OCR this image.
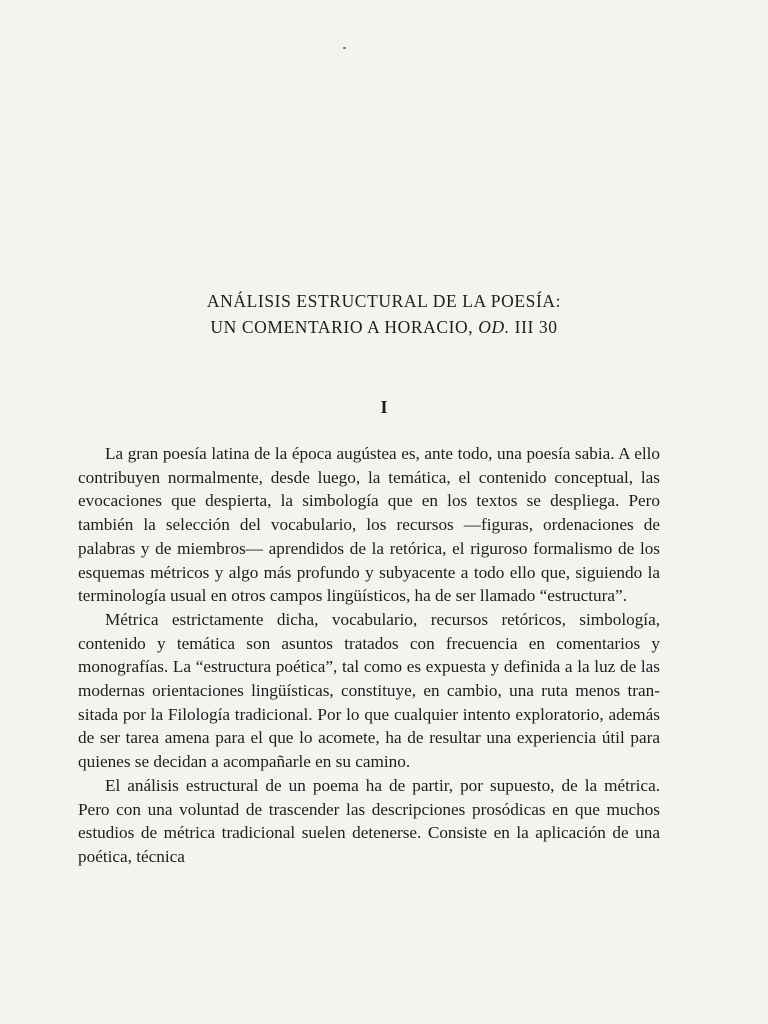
ANÁLISIS ESTRUCTURAL DE LA POESÍA:
UN COMENTARIO A HORACIO, OD. III 30
I

La gran poesía latina de la época augústea es, ante todo, una poesía sabia. A ello contribuyen normalmente, desde luego, la temática, el contenido conceptual, las evocaciones que despierta, la simbología que en los textos se despliega. Pero también la selección del vocabulario, los recursos —figuras, ordenaciones de palabras y de miembros— aprendidos de la retórica, el riguroso formalismo de los esquemas métricos y algo más profundo y subyacente a todo ello que, siguiendo la terminología usual en otros campos lingüísticos, ha de ser llamado “estructura”.

Métrica estrictamente dicha, vocabulario, recursos retóricos, simbología, contenido y temática son asuntos tratados con frecuencia en comentarios y monografías. La “estructura poética”, tal como es expuesta y definida a la luz de las modernas orientaciones lingüísticas, constituye, en cambio, una ruta menos transitada por la Filología tradicional. Por lo que cualquier intento exploratorio, además de ser tarea amena para el que lo acomete, ha de resultar una experiencia útil para quienes se decidan a acompañarle en su camino.

El análisis estructural de un poema ha de partir, por supuesto, de la métrica. Pero con una voluntad de trascender las descripciones prosódicas en que muchos estudios de métrica tradicional suelen detenerse. Consiste en la aplicación de una poética, técnica
